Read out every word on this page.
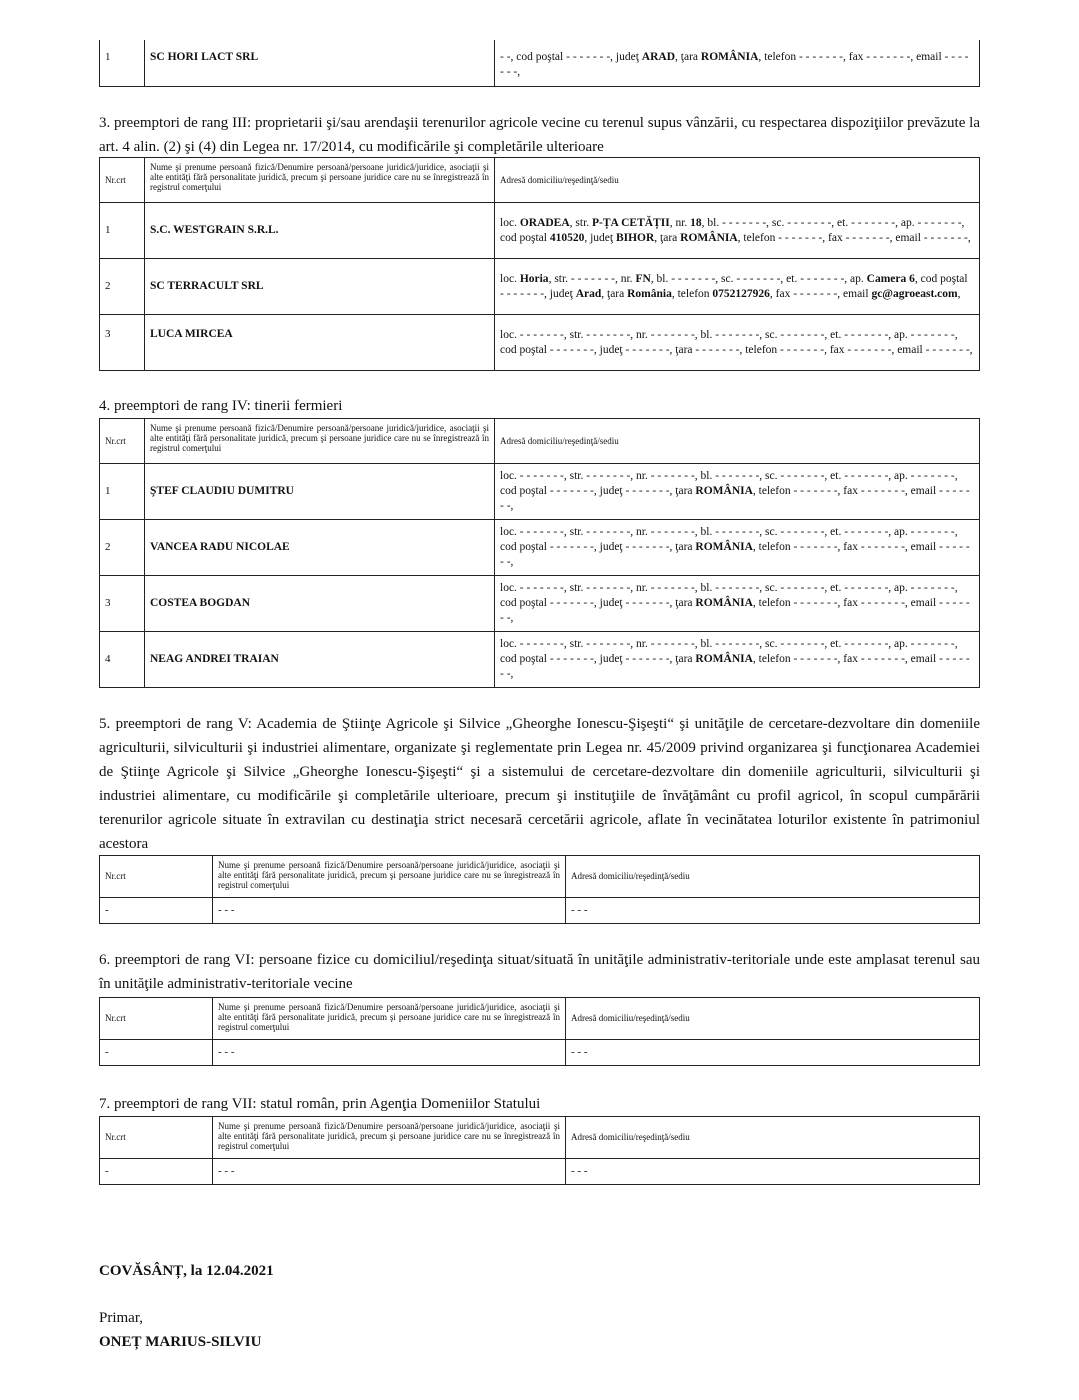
1	SC HORI LACT SRL	- -, cod poştal - - - - - - -, judeţ ARAD, ţara ROMÂNIA, telefon - - - - - - -, fax - - - - - - -, email - - - - - - -,
3. preemptori de rang III: proprietarii şi/sau arendaşii terenurilor agricole vecine cu terenul supus vânzării, cu respectarea dispoziţiilor prevăzute la art. 4 alin. (2) şi (4) din Legea nr. 17/2014, cu modificările şi completările ulterioare
Nr.crt	Nume şi prenume persoană fizică/Denumire persoană/persoane juridică/juridice, asociaţii şi alte entităţi fără personalitate juridică, precum şi persoane juridice care nu se înregistrează în registrul comerţului	Adresă domiciliu/reşedinţă/sediu
1	S.C. WESTGRAIN S.R.L.	loc. ORADEA, str. P-ȚA CETĂȚII, nr. 18, bl. - - - - - - -, sc. - - - - - - -, et. - - - - - - -, ap. - - - - - - -, cod poştal 410520, judeţ BIHOR, ţara ROMÂNIA, telefon - - - - - - -, fax - - - - - - -, email - - - - - - -,
2	SC TERRACULT SRL	loc. Horia, str. - - - - - - -, nr. FN, bl. - - - - - - -, sc. - - - - - - -, et. - - - - - - -, ap. Camera 6, cod poştal - - - - - - -, judeţ Arad, ţara România, telefon 0752127926, fax - - - - - - -, email gc@agroeast.com,
3	LUCA MIRCEA	loc. - - - - - - -, str. - - - - - - -, nr. - - - - - - -, bl. - - - - - - -, sc. - - - - - - -, et. - - - - - - -, ap. - - - - - - -, cod poştal - - - - - - -, judeţ - - - - - - -, ţara - - - - - - -, telefon - - - - - - -, fax - - - - - - -, email - - - - - - -,
4. preemptori de rang IV: tinerii fermieri
Nr.crt	Nume şi prenume persoană fizică/Denumire persoană/persoane juridică/juridice, asociaţii şi alte entităţi fără personalitate juridică, precum şi persoane juridice care nu se înregistrează în registrul comerţului	Adresă domiciliu/reşedinţă/sediu
1	ŞTEF CLAUDIU DUMITRU	loc. - - - - - - -, str. - - - - - - -, nr. - - - - - - -, bl. - - - - - - -, sc. - - - - - - -, et. - - - - - - -, ap. - - - - - - -, cod poştal - - - - - - -, judeţ - - - - - - -, ţara ROMÂNIA, telefon - - - - - - -, fax - - - - - - -, email - - - - - - -,
2	VANCEA RADU NICOLAE	loc. - - - - - - -, str. - - - - - - -, nr. - - - - - - -, bl. - - - - - - -, sc. - - - - - - -, et. - - - - - - -, ap. - - - - - - -, cod poştal - - - - - - -, judeţ - - - - - - -, ţara ROMÂNIA, telefon - - - - - - -, fax - - - - - - -, email - - - - - - -,
3	COSTEA BOGDAN	loc. - - - - - - -, str. - - - - - - -, nr. - - - - - - -, bl. - - - - - - -, sc. - - - - - - -, et. - - - - - - -, ap. - - - - - - -, cod poştal - - - - - - -, judeţ - - - - - - -, ţara ROMÂNIA, telefon - - - - - - -, fax - - - - - - -, email - - - - - - -,
4	NEAG ANDREI TRAIAN	loc. - - - - - - -, str. - - - - - - -, nr. - - - - - - -, bl. - - - - - - -, sc. - - - - - - -, et. - - - - - - -, ap. - - - - - - -, cod poştal - - - - - - -, judeţ - - - - - - -, ţara ROMÂNIA, telefon - - - - - - -, fax - - - - - - -, email - - - - - - -,
5. preemptori de rang V: Academia de Ştiinţe Agricole şi Silvice „Gheorghe Ionescu-Şişeşti“ şi unităţile de cercetare-dezvoltare din domeniile agriculturii, silviculturii şi industriei alimentare, organizate şi reglementate prin Legea nr. 45/2009 privind organizarea şi funcţionarea Academiei de Ştiinţe Agricole şi Silvice „Gheorghe Ionescu-Şişeşti“ şi a sistemului de cercetare-dezvoltare din domeniile agriculturii, silviculturii şi industriei alimentare, cu modificările şi completările ulterioare, precum şi instituţiile de învăţământ cu profil agricol, în scopul cumpărării terenurilor agricole situate în extravilan cu destinaţia strict necesară cercetării agricole, aflate în vecinătatea loturilor existente în patrimoniul acestora
Nr.crt	Nume şi prenume persoană fizică/Denumire persoană/persoane juridică/juridice, asociaţii şi alte entităţi fără personalitate juridică, precum şi persoane juridice care nu se înregistrează în registrul comerţului	Adresă domiciliu/reşedinţă/sediu
-	- - -	- - -
6. preemptori de rang VI: persoane fizice cu domiciliul/reşedinţa situat/situată în unităţile administrativ-teritoriale unde este amplasat terenul sau în unităţile administrativ-teritoriale vecine
Nr.crt	Nume şi prenume persoană fizică/Denumire persoană/persoane juridică/juridice, asociaţii şi alte entităţi fără personalitate juridică, precum şi persoane juridice care nu se înregistrează în registrul comerţului	Adresă domiciliu/reşedinţă/sediu
-	- - -	- - -
7. preemptori de rang VII: statul român, prin Agenţia Domeniilor Statului
Nr.crt	Nume şi prenume persoană fizică/Denumire persoană/persoane juridică/juridice, asociaţii şi alte entităţi fără personalitate juridică, precum şi persoane juridice care nu se înregistrează în registrul comerţului	Adresă domiciliu/reşedinţă/sediu
-	- - -	- - -
COVĂSÂNȚ, la 12.04.2021
Primar,
ONEȚ MARIUS-SILVIU
